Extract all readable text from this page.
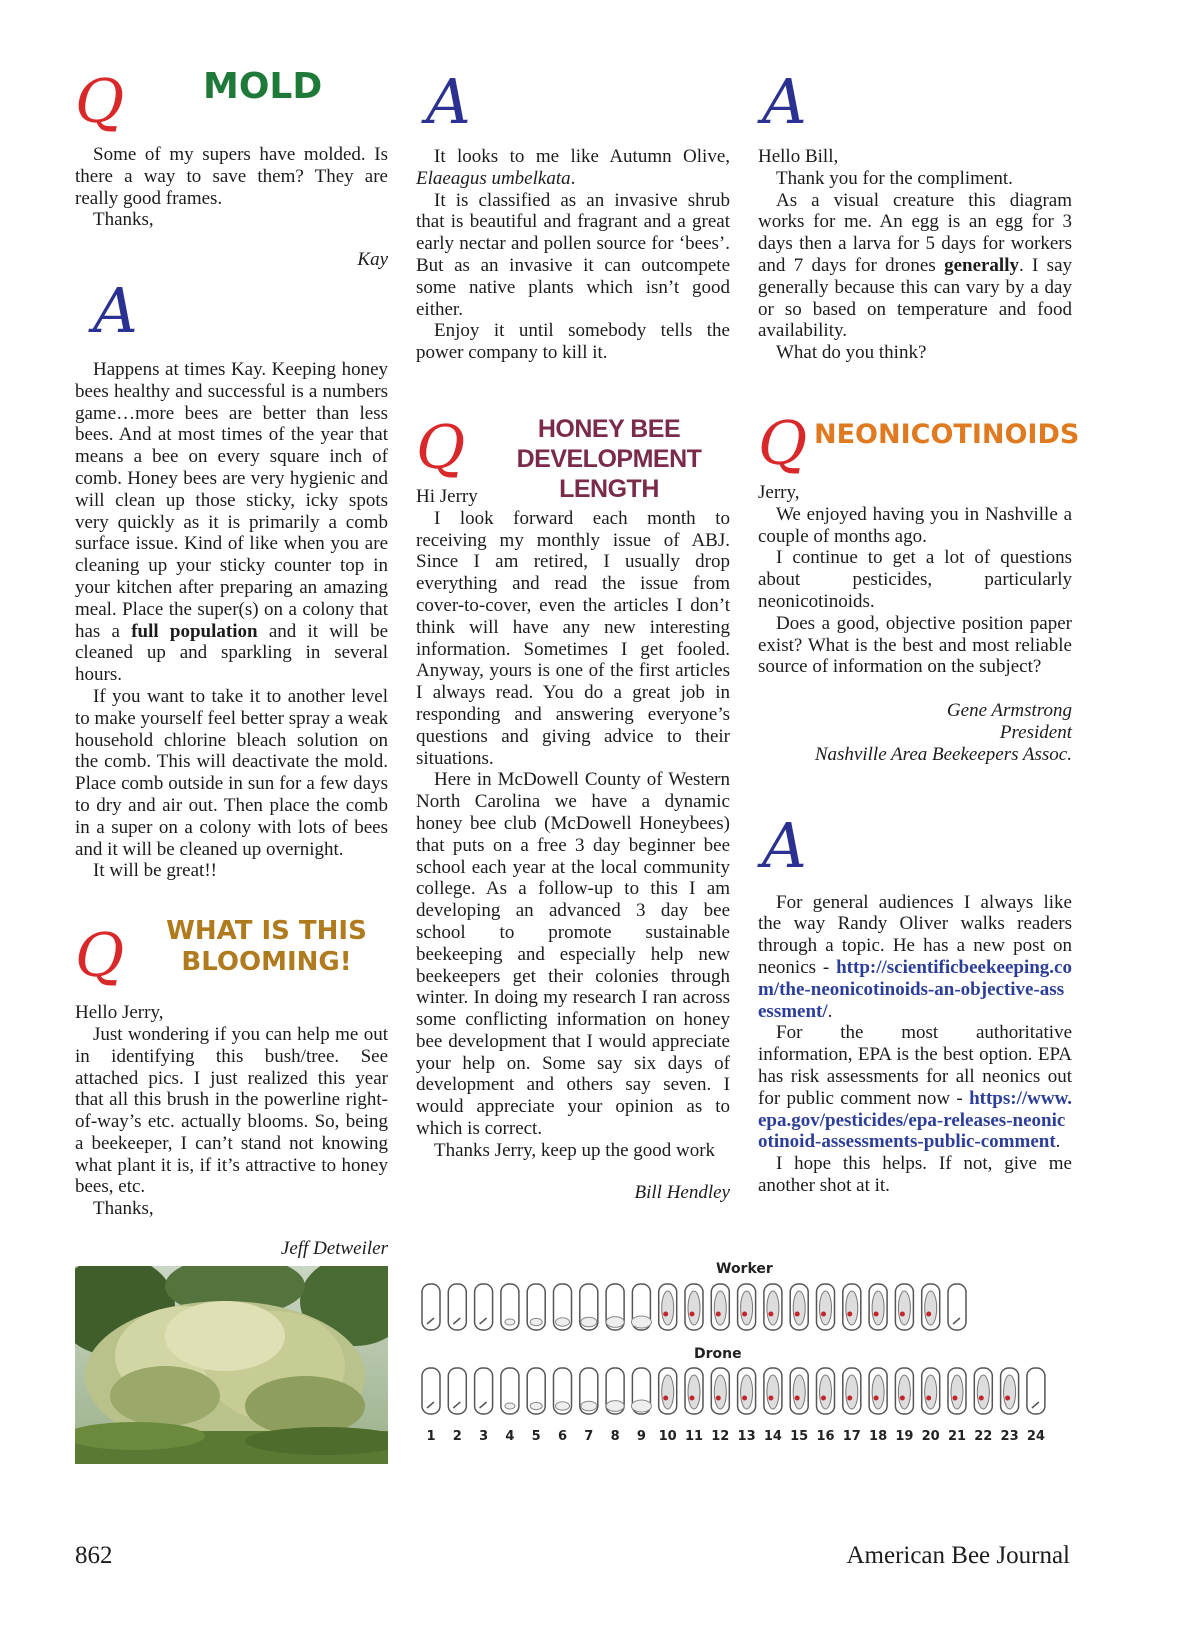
Q MOLD

Some of my supers have molded. Is there a way to save them? They are really good frames.

Thanks,

Kay
A

Happens at times Kay. Keeping honey bees healthy and successful is a numbers game…more bees are better than less bees. And at most times of the year that means a bee on every square inch of comb. Honey bees are very hygienic and will clean up those sticky, icky spots very quickly as it is primarily a comb surface issue. Kind of like when you are cleaning up your sticky counter top in your kitchen after preparing an amazing meal. Place the super(s) on a colony that has a full population and it will be cleaned up and sparkling in several hours.

If you want to take it to another level to make yourself feel better spray a weak household chlorine bleach solution on the comb. This will deactivate the mold. Place comb outside in sun for a few days to dry and air out. Then place the comb in a super on a colony with lots of bees and it will be cleaned up overnight.

It will be great!!

Q	WHAT IS THIS
BLOOMING!

Hello Jerry,

Just wondering if you can help me out in identifying this bush/tree. See attached pics. I just realized this year that all this brush in the powerline right-of-way’s etc. actually blooms. So, being a beekeeper, I can’t stand not knowing what plant it is, if it’s attractive to honey bees, etc.

Thanks,

Jeff Detweiler
A

It looks to me like Autumn Olive, Elaeagus umbelkata.

It is classified as an invasive shrub that is beautiful and fragrant and a great early nectar and pollen source for ‘bees’. But as an invasive it can outcompete some native plants which isn’t good either.

Enjoy it until somebody tells the power company to kill it.

Q	HONEY BEE
DEVELOPMENT LENGTH

Hi Jerry

I look forward each month to receiving my monthly issue of ABJ. Since I am retired, I usually drop everything and read the issue from cover-to-cover, even the articles I don’t think will have any new interesting information. Sometimes I get fooled. Anyway, yours is one of the first articles I always read. You do a great job in responding and answering everyone’s questions and giving advice to their situations.

Here in McDowell County of Western North Carolina we have a dynamic honey bee club (McDowell Honeybees) that puts on a free 3 day beginner bee school each year at the local community college. As a follow-up to this I am developing an advanced 3 day bee school to promote sustainable beekeeping and especially help new beekeepers get their colonies through winter. In doing my research I ran across some conflicting information on honey bee development that I would appreciate your help on. Some say six days of development and others say seven. I would appreciate your opinion as to which is correct.

Thanks Jerry, keep up the good work

Bill Hendley
A

Hello Bill,

Thank you for the compliment.

As a visual creature this diagram works for me. An egg is an egg for 3 days then a larva for 5 days for workers and 7 days for drones generally. I say generally because this can vary by a day or so based on temperature and food availability.

What do you think?

Q NEONICOTINOIDS

Jerry,

We enjoyed having you in Nashville a couple of months ago.

I continue to get a lot of questions about pesticides, particularly neonicotinoids.

Does a good, objective position paper exist? What is the best and most reliable source of information on the subject?

Gene Armstrong
President
Nashville Area Beekeepers Assoc.
A

For general audiences I always like the way Randy Oliver walks readers through a topic. He has a new post on neonics - http://scientificbeekeeping.com/the-neonicotinoids-an-objective-assessment/.

For the most authoritative information, EPA is the best option. EPA has risk assessments for all neonics out for public comment now - https://www.epa.gov/pesticides/epa-releases-neonicotinoid-assessments-public-comment.

I hope this helps. If not, give me another shot at it.

Worker
Drone
1 2 3 4 5 6 7 8 9 10 11 12 13 14 15 16 17 18 19 20 21 22 23 24
862	American Bee Journal
